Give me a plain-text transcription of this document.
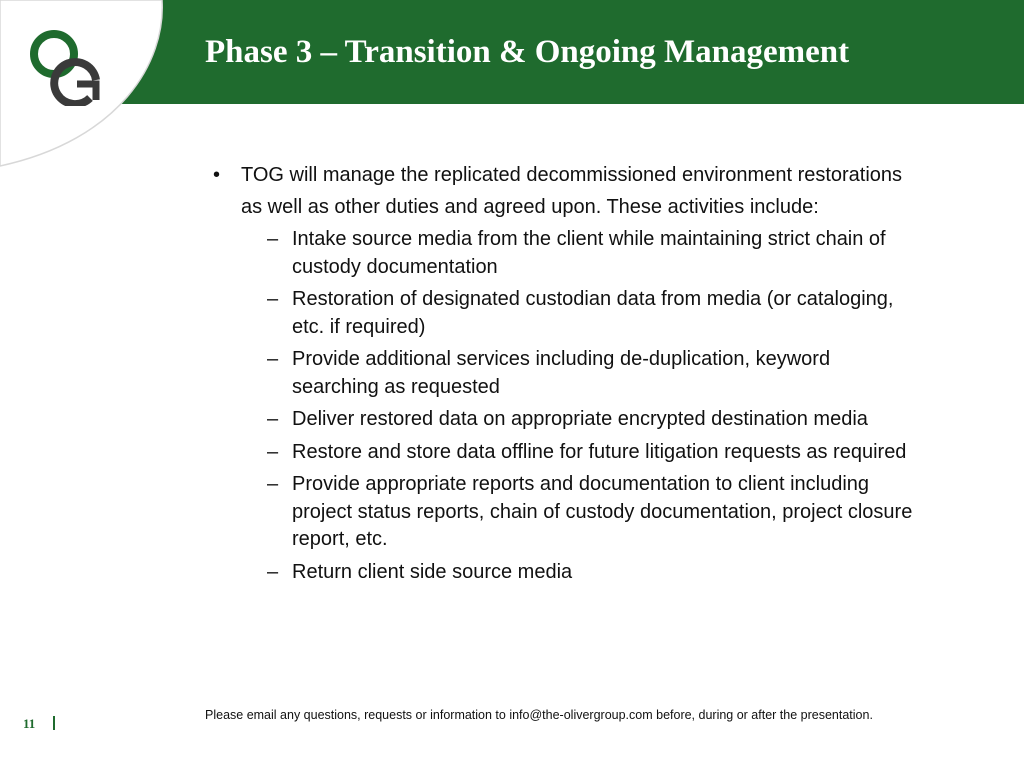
Phase 3 – Transition & Ongoing Management
• TOG will manage the replicated decommissioned environment restorations as well as other duties and agreed upon. These activities include:
– Intake source media from the client while maintaining strict chain of custody documentation
– Restoration of designated custodian data from media (or cataloging, etc. if required)
– Provide additional services including de-duplication, keyword searching as requested
– Deliver restored data on appropriate encrypted destination media
– Restore and store data offline for future litigation requests as required
– Provide appropriate reports and documentation to client including project status reports, chain of custody documentation, project closure report, etc.
– Return client side source media
11
Please email any questions, requests or information to info@the-olivergroup.com before, during or after the presentation.
